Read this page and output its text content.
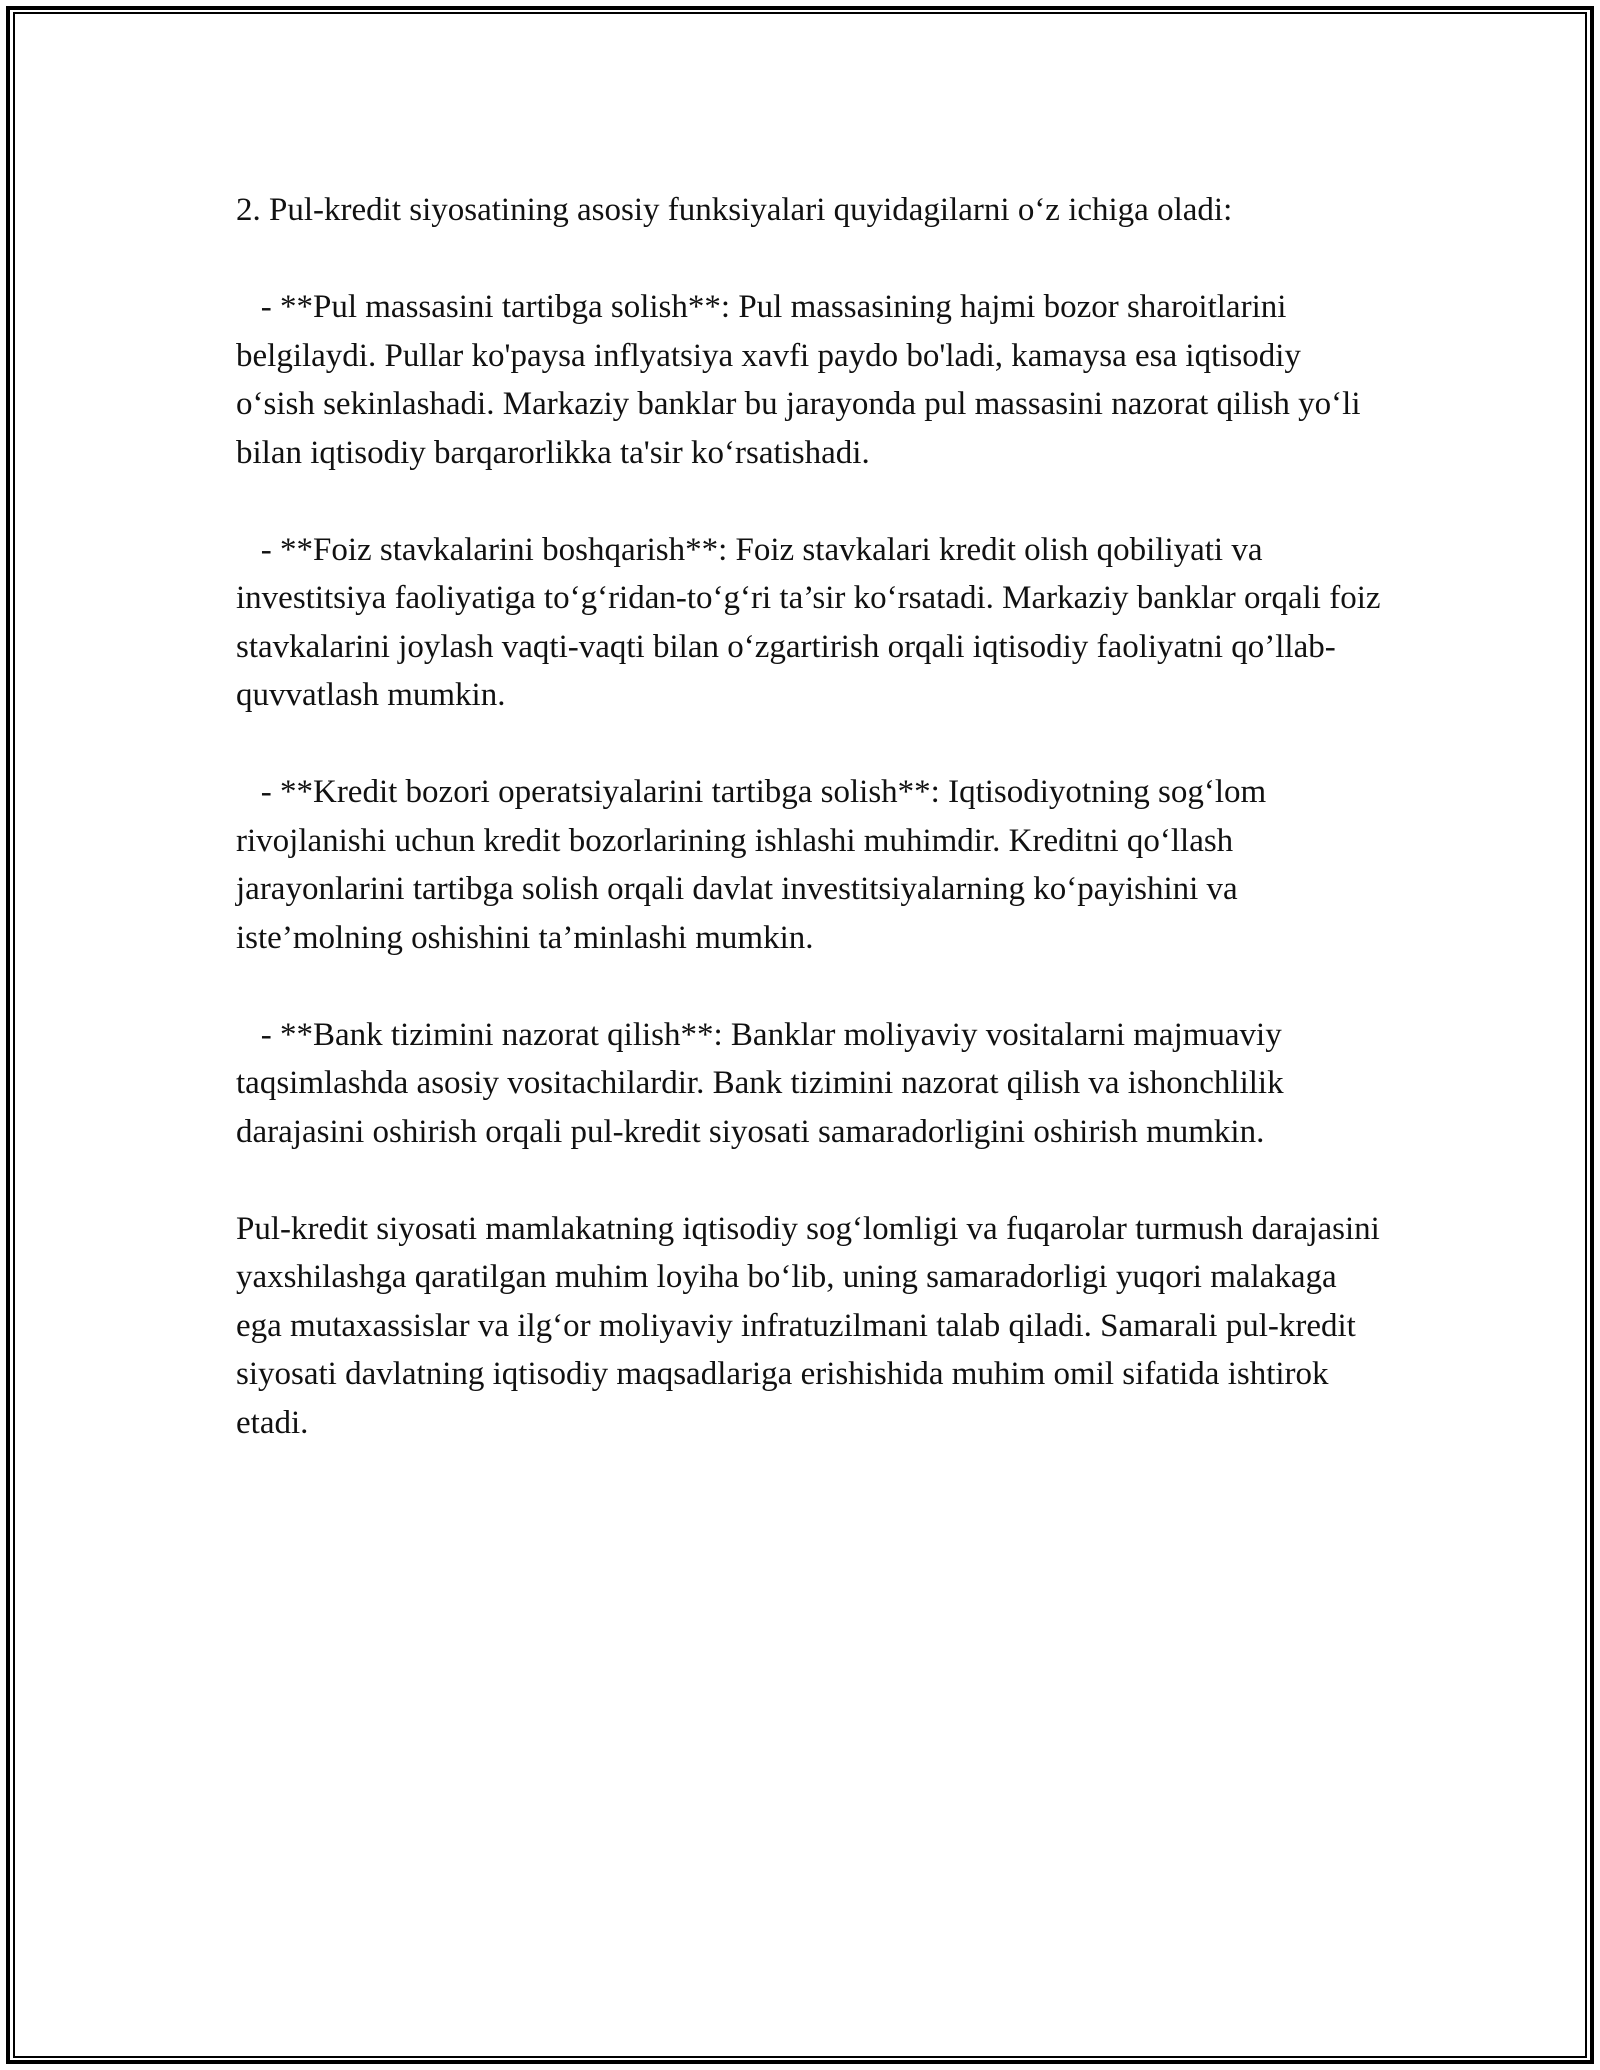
2. Pul-kredit siyosatining asosiy funksiyalari quyidagilarni o‘z ichiga oladi:

- **Pul massasini tartibga solish**: Pul massasining hajmi bozor sharoitlarini belgilaydi. Pullar ko'paysa inflyatsiya xavfi paydo bo'ladi, kamaysa esa iqtisodiy o‘sish sekinlashadi. Markaziy banklar bu jarayonda pul massasini nazorat qilish yo‘li bilan iqtisodiy barqarorlikka ta'sir ko‘rsatishadi.

- **Foiz stavkalarini boshqarish**: Foiz stavkalari kredit olish qobiliyati va investitsiya faoliyatiga to‘g‘ridan-to‘g‘ri ta’sir ko‘rsatadi. Markaziy banklar orqali foiz stavkalarini joylash vaqti-vaqti bilan o‘zgartirish orqali iqtisodiy faoliyatni qo’llab-quvvatlash mumkin.

- **Kredit bozori operatsiyalarini tartibga solish**: Iqtisodiyotning sog‘lom rivojlanishi uchun kredit bozorlarining ishlashi muhimdir. Kreditni qo‘llash jarayonlarini tartibga solish orqali davlat investitsiyalarning ko‘payishini va iste’molning oshishini ta’minlashi mumkin.

- **Bank tizimini nazorat qilish**: Banklar moliyaviy vositalarni majmuaviy taqsimlashda asosiy vositachilardir. Bank tizimini nazorat qilish va ishonchlilik darajasini oshirish orqali pul-kredit siyosati samaradorligini oshirish mumkin.

Pul-kredit siyosati mamlakatning iqtisodiy sog‘lomligi va fuqarolar turmush darajasini yaxshilashga qaratilgan muhim loyiha bo‘lib, uning samaradorligi yuqori malakaga ega mutaxassislar va ilg‘or moliyaviy infratuzilmani talab qiladi. Samarali pul-kredit siyosati davlatning iqtisodiy maqsadlariga erishishida muhim omil sifatida ishtirok etadi.
